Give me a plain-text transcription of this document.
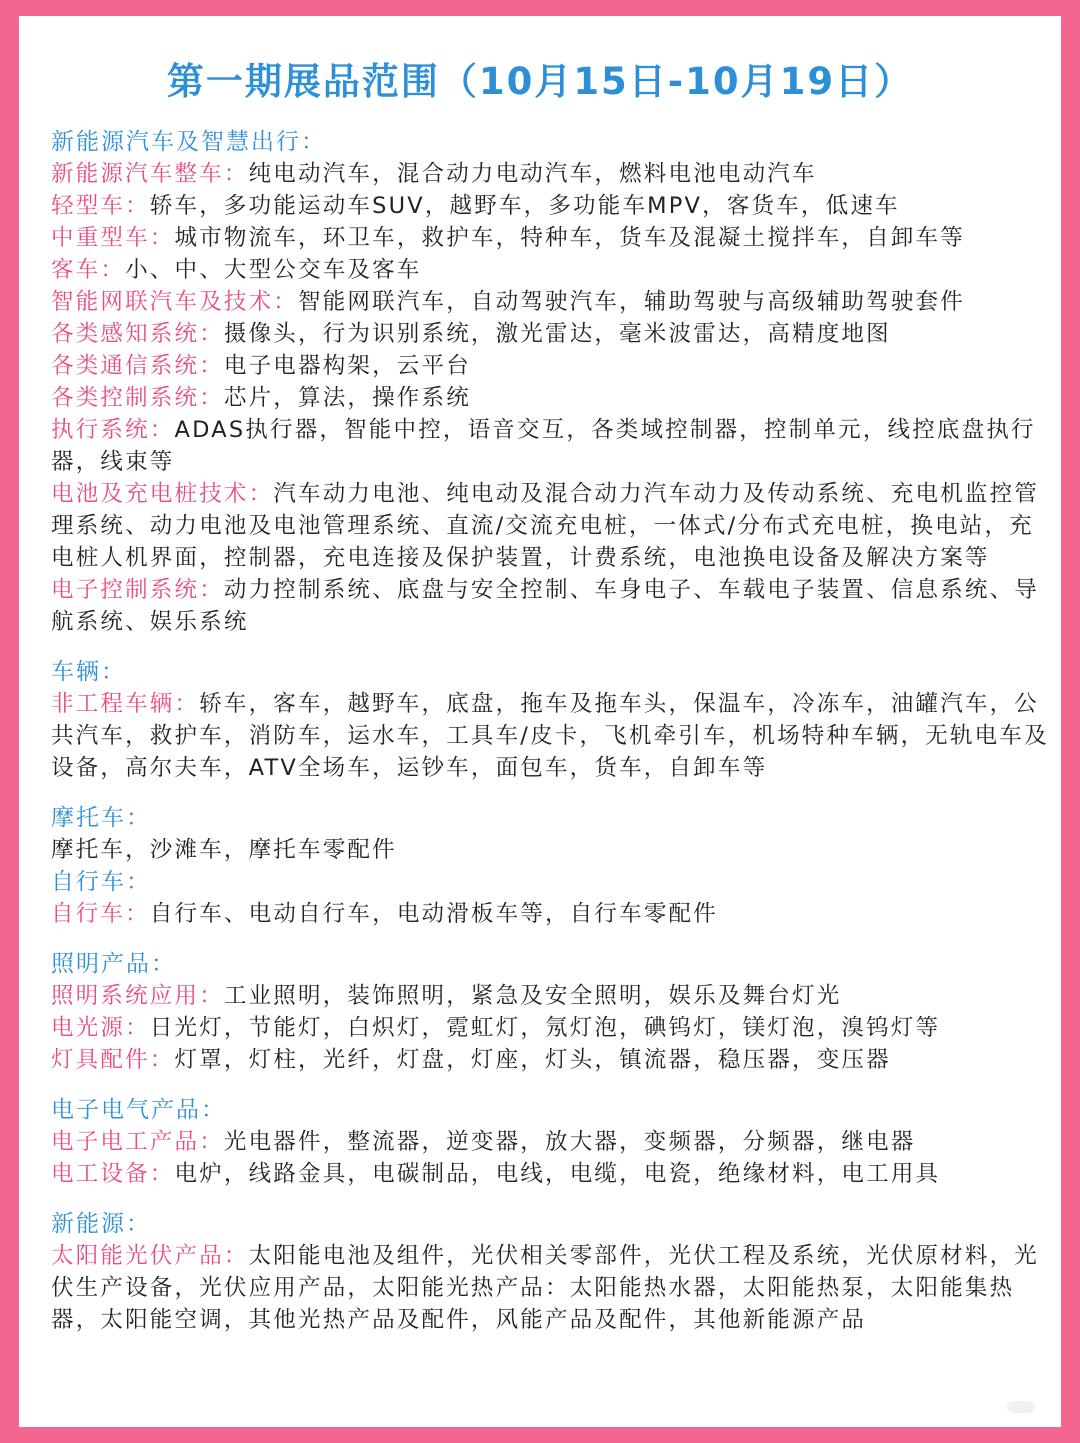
第一期展品范围（10月15日-10月19日）
新能源汽车及智慧出行：
新能源汽车整车：纯电动汽车，混合动力电动汽车，燃料电池电动汽车
轻型车：轿车，多功能运动车SUV，越野车，多功能车MPV，客货车，低速车
中重型车：城市物流车，环卫车，救护车，特种车，货车及混凝土搅拌车，自卸车等
客车：小、中、大型公交车及客车
智能网联汽车及技术：智能网联汽车，自动驾驶汽车，辅助驾驶与高级辅助驾驶套件
各类感知系统：摄像头，行为识别系统，激光雷达，毫米波雷达，高精度地图
各类通信系统：电子电器构架，云平台
各类控制系统：芯片，算法，操作系统
执行系统：ADAS执行器，智能中控，语音交互，各类域控制器，控制单元，线控底盘执行器，线束等
电池及充电桩技术：汽车动力电池、纯电动及混合动力汽车动力及传动系统、充电机监控管理系统、动力电池及电池管理系统、直流/交流充电桩，一体式/分布式充电桩，换电站，充电桩人机界面，控制器，充电连接及保护装置，计费系统，电池换电设备及解决方案等
电子控制系统：动力控制系统、底盘与安全控制、车身电子、车载电子装置、信息系统、导航系统、娱乐系统
车辆：
非工程车辆：轿车，客车，越野车，底盘，拖车及拖车头，保温车，冷冻车，油罐汽车，公共汽车，救护车，消防车，运水车，工具车/皮卡，飞机牵引车，机场特种车辆，无轨电车及设备，高尔夫车，ATV全场车，运钞车，面包车，货车，自卸车等
摩托车：
摩托车，沙滩车，摩托车零配件
自行车：
自行车：自行车、电动自行车，电动滑板车等，自行车零配件
照明产品：
照明系统应用：工业照明，装饰照明，紧急及安全照明，娱乐及舞台灯光
电光源：日光灯，节能灯，白炽灯，霓虹灯，氖灯泡，碘钨灯，镁灯泡，溴钨灯等
灯具配件：灯罩，灯柱，光纤，灯盘，灯座，灯头，镇流器，稳压器，变压器
电子电气产品：
电子电工产品：光电器件，整流器，逆变器，放大器，变频器，分频器，继电器
电工设备：电炉，线路金具，电碳制品，电线，电缆，电瓷，绝缘材料，电工用具
新能源：
太阳能光伏产品：太阳能电池及组件，光伏相关零部件，光伏工程及系统，光伏原材料，光伏生产设备，光伏应用产品，太阳能光热产品：太阳能热水器，太阳能热泵，太阳能集热器，太阳能空调，其他光热产品及配件，风能产品及配件，其他新能源产品
